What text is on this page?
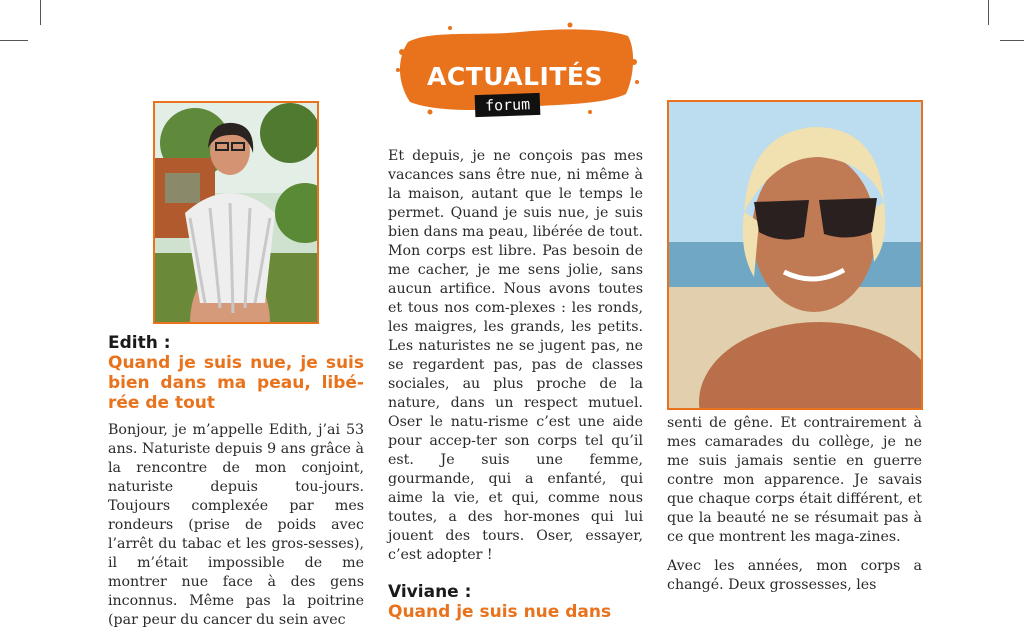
ACTUALITÉS
forum
Edith :
Quand je suis nue, je suis bien dans ma peau, libé-rée de tout

Bonjour, je m’appelle Edith, j’ai 53 ans. Naturiste depuis 9 ans grâce à la rencontre de mon conjoint, naturiste depuis tou-jours. Toujours complexée par mes rondeurs (prise de poids avec l’arrêt du tabac et les gros-sesses), il m’était impossible de me montrer nue face à des gens inconnus. Même pas la poitrine (par peur du cancer du sein avec

Et depuis, je ne conçois pas mes vacances sans être nue, ni même à la maison, autant que le temps le permet. Quand je suis nue, je suis bien dans ma peau, libérée de tout. Mon corps est libre. Pas besoin de me cacher, je me sens jolie, sans aucun artifice. Nous avons toutes et tous nos com-plexes : les ronds, les maigres, les grands, les petits. Les naturistes ne se jugent pas, ne se regardent pas, pas de classes sociales, au plus proche de la nature, dans un respect mutuel. Oser le natu-risme c’est une aide pour accep-ter son corps tel qu’il est. Je suis une femme, gourmande, qui a enfanté, qui aime la vie, et qui, comme nous toutes, a des hor-mones qui lui jouent des tours. Oser, essayer, c’est adopter !

Viviane :
Quand je suis nue dans

senti de gêne. Et contrairement à mes camarades du collège, je ne me suis jamais sentie en guerre contre mon apparence. Je savais que chaque corps était différent, et que la beauté ne se résumait pas à ce que montrent les maga-zines.

Avec les années, mon corps a changé. Deux grossesses, les
